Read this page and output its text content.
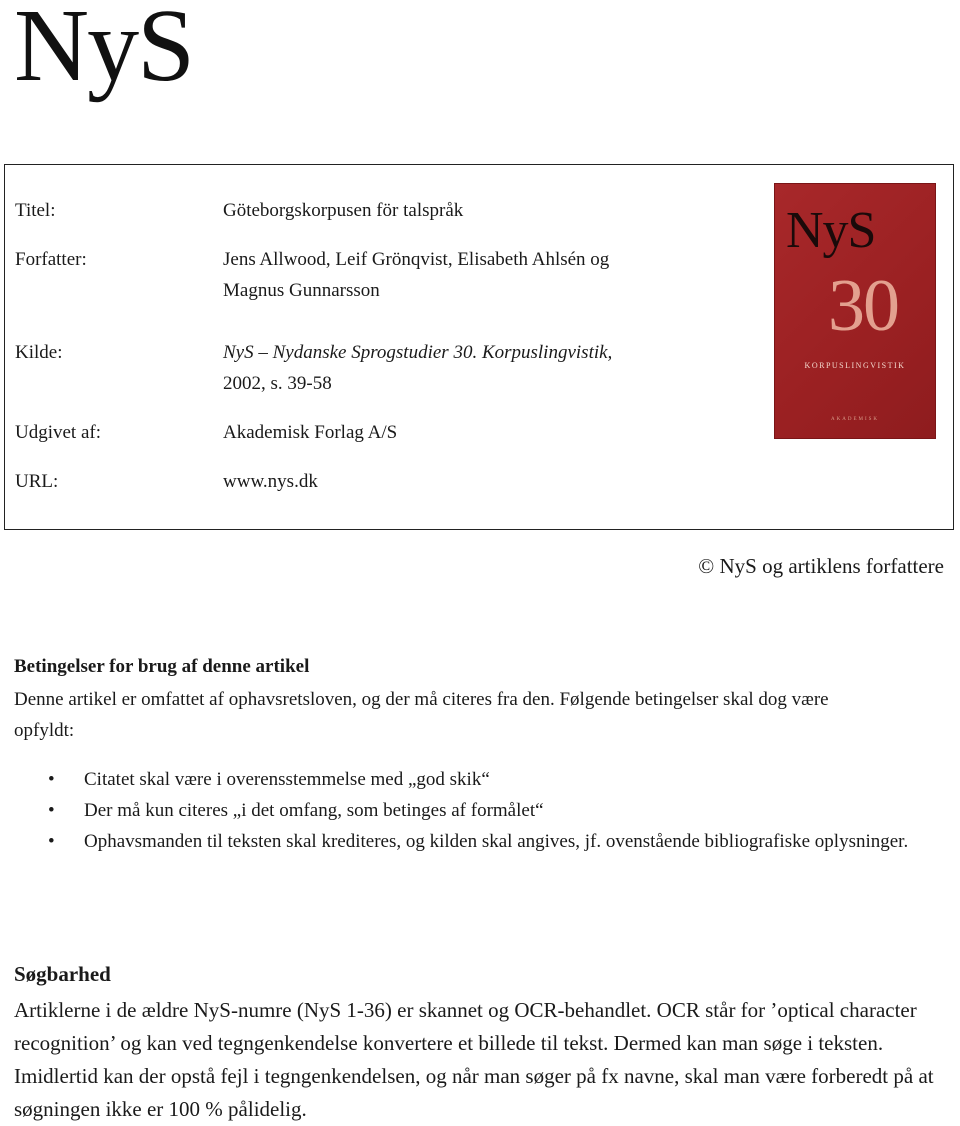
NyS
Titel:	Göteborgskorpusen för talspråk
Forfatter:	Jens Allwood, Leif Grönqvist, Elisabeth Ahlsén og
Magnus Gunnarsson
Kilde:	NyS – Nydanske Sprogstudier 30. Korpuslingvistik,
2002, s. 39-58
Udgivet af:	Akademisk Forlag A/S
URL:	www.nys.dk
NyS
30
KORPUSLINGVISTIK
AKADEMISK
© NyS og artiklens forfattere
Betingelser for brug af denne artikel
Denne artikel er omfattet af ophavsretsloven, og der må citeres fra den. Følgende betingelser skal dog være
opfyldt:
• Citatet skal være i overensstemmelse med „god skik“
• Der må kun citeres „i det omfang, som betinges af formålet“
• Ophavsmanden til teksten skal krediteres, og kilden skal angives, jf. ovenstående bibliografiske oplysninger.
Søgbarhed
Artiklerne i de ældre NyS-numre (NyS 1-36) er skannet og OCR-behandlet. OCR står for ’optical character recognition’ og kan ved tegngenkendelse konvertere et billede til tekst. Dermed kan man søge i teksten. Imidlertid kan der opstå fejl i tegngenkendelsen, og når man søger på fx navne, skal man være forberedt på at søgningen ikke er 100 % pålidelig.
